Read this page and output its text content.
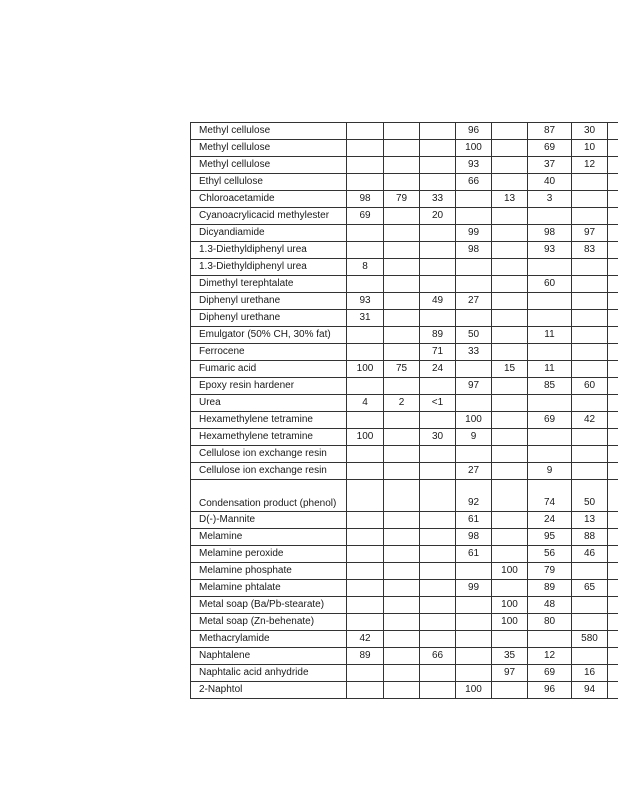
Methyl cellulose				96		87	30	
Methyl cellulose				100		69	10	
Methyl cellulose				93		37	12	
Ethyl cellulose				66		40		
Chloroacetamide	98	79	33		13	3		
Cyanoacrylicacid methylester	69		20					
Dicyandiamide				99		98	97	
1.3-Diethyldiphenyl urea				98		93	83	
1.3-Diethyldiphenyl urea	8							
Dimethyl terephtalate						60		
Diphenyl urethane	93		49	27				
Diphenyl urethane	31							
Emulgator (50% CH, 30% fat)			89	50		11		
Ferrocene			71	33				
Fumaric acid	100	75	24		15	11		
Epoxy resin hardener				97		85	60	
Urea	4	2	<1					
Hexamethylene tetramine				100		69	42	
Hexamethylene tetramine	100		30	9				
Cellulose ion exchange resin								
Cellulose ion exchange resin				27		9		
Condensation product (phenol)				92		74	50	
D(-)-Mannite				61		24	13	
Melamine				98		95	88	
Melamine peroxide				61		56	46	
Melamine phosphate					100	79		
Melamine phtalate				99		89	65	
Metal soap (Ba/Pb-stearate)					100	48		
Metal soap (Zn-behenate)					100	80		
Methacrylamide	42						580	
Naphtalene	89		66		35	12		
Naphtalic acid anhydride					97	69	16	
2-Naphtol				100		96	94	
